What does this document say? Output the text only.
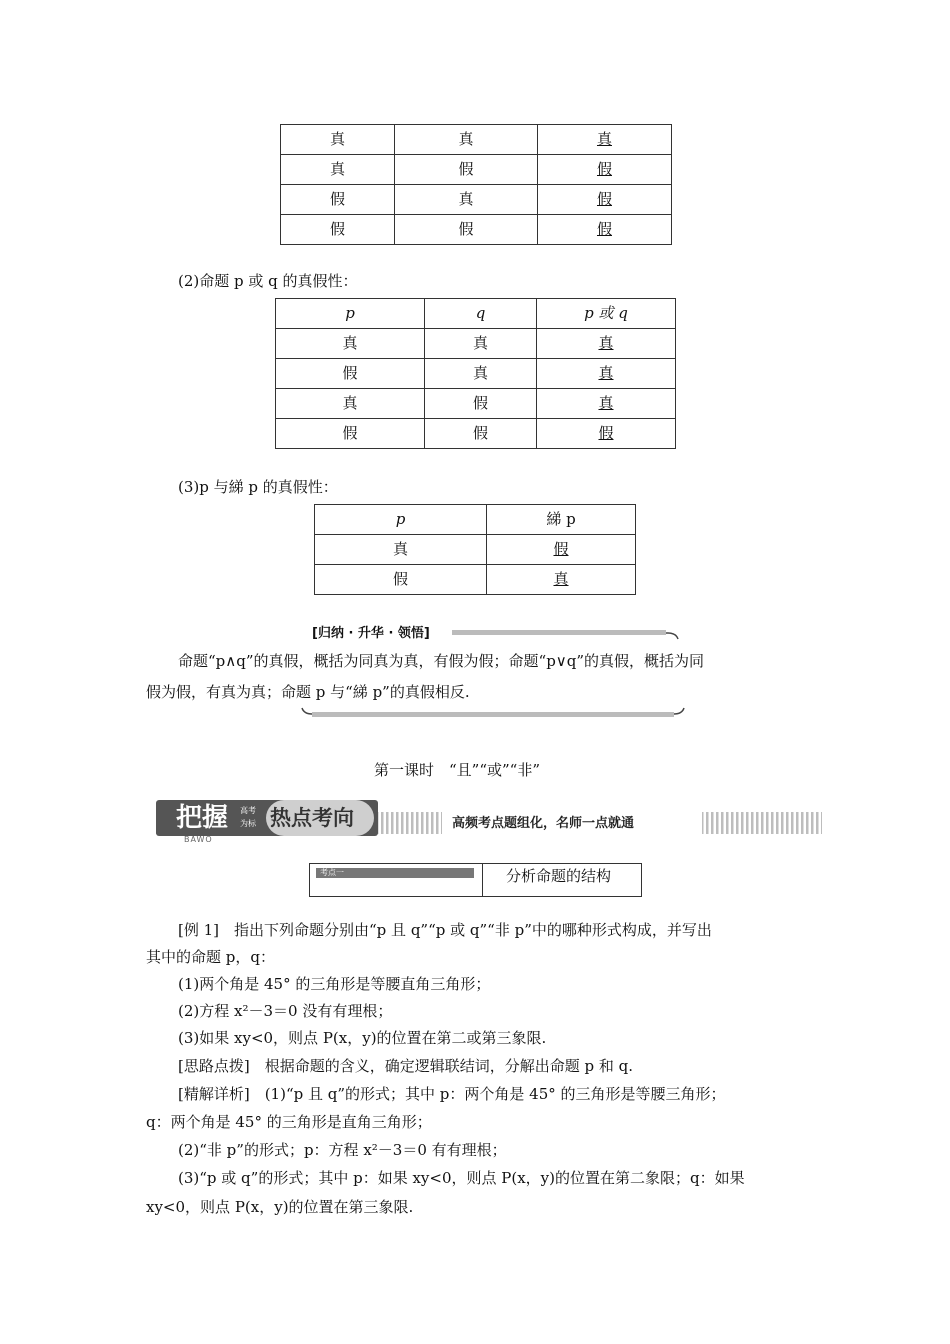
真	真	真
真	假	假
假	真	假
假	假	假
(2)命题 p 或 q 的真假性：
p	q	p 或 q
真	真	真
假	真	真
真	假	真
假	假	假
(3)p 与綈 p 的真假性：
p	綈 p
真	假
假	真
[归纳 · 升华 · 领悟]
命题“p∧q”的真假，概括为同真为真，有假为假；命题“p∨q”的真假，概括为同
假为假，有真为真；命题 p 与“綈 p”的真假相反.
第一课时　“且”“或”“非”
把握 高考
为标 热点考向
BAWO
高频考点题组化，名师一点就通
考点一	分析命题的结构
[例 1]　指出下列命题分别由“p 且 q”“p 或 q”“非 p”中的哪种形式构成，并写出
其中的命题 p，q：
(1)两个角是 45° 的三角形是等腰直角三角形；
(2)方程 x²－3＝0 没有有理根；
(3)如果 xy<0，则点 P(x，y)的位置在第二或第三象限.
[思路点拨]　根据命题的含义，确定逻辑联结词，分解出命题 p 和 q.
[精解详析]　(1)“p 且 q”的形式；其中 p：两个角是 45° 的三角形是等腰三角形；
q：两个角是 45° 的三角形是直角三角形；
(2)“非 p”的形式；p：方程 x²－3＝0 有有理根；
(3)“p 或 q”的形式；其中 p：如果 xy<0，则点 P(x，y)的位置在第二象限；q：如果
xy<0，则点 P(x，y)的位置在第三象限.
